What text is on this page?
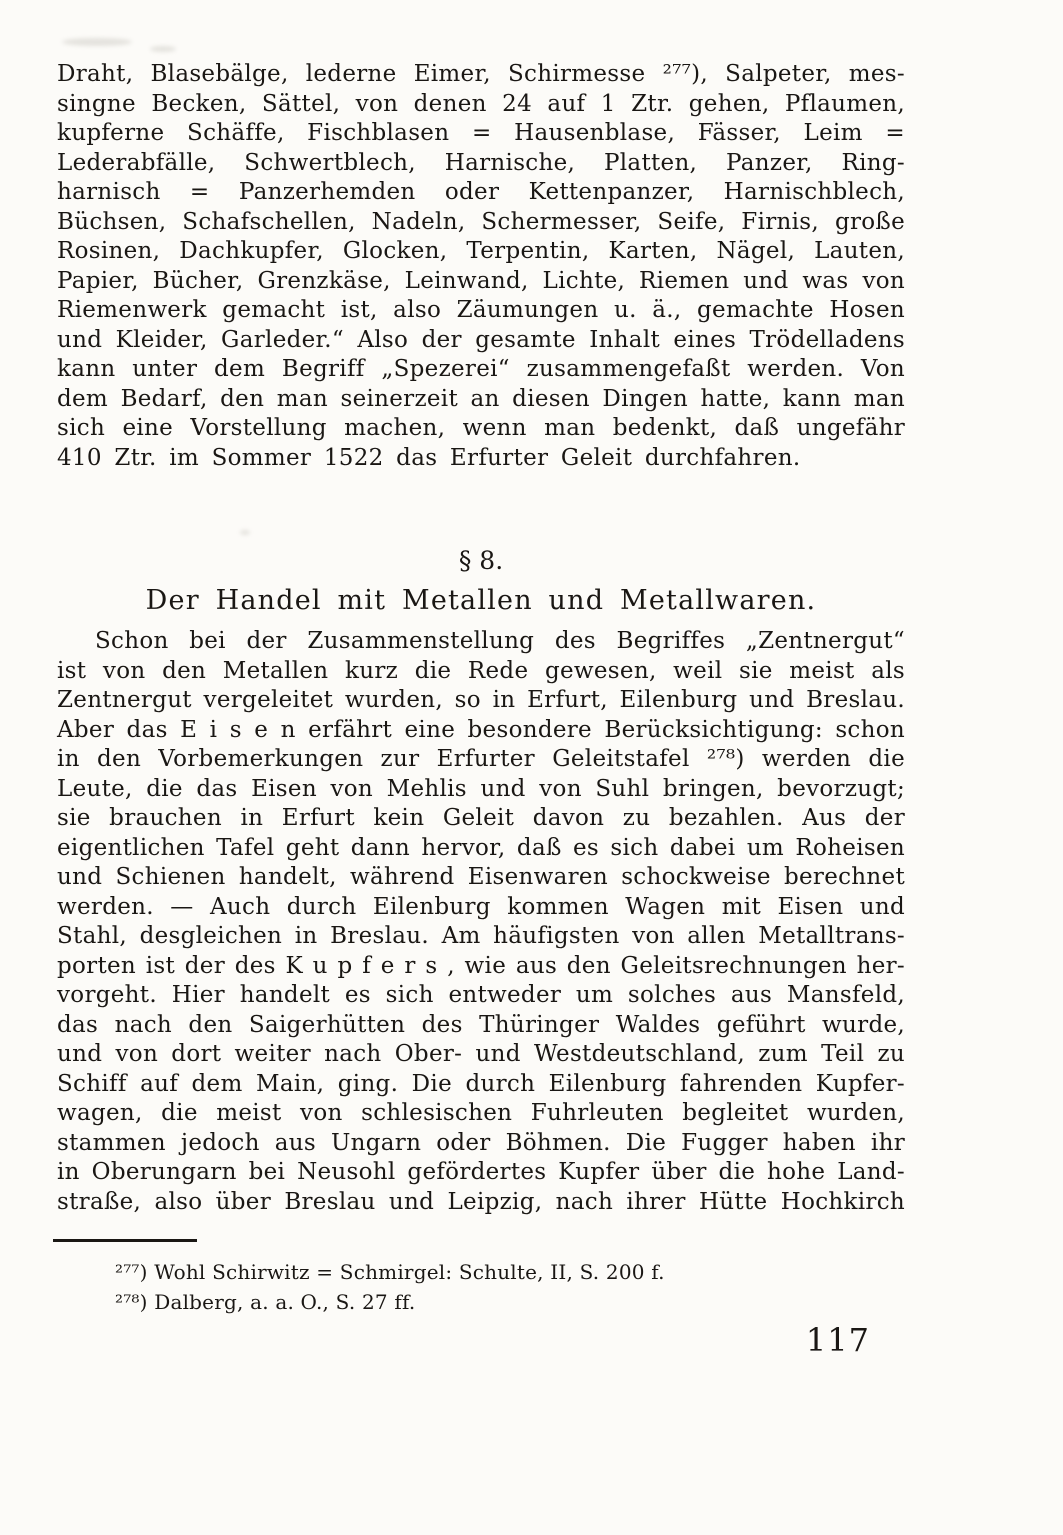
Draht, Blasebälge, lederne Eimer, Schirmesse ²⁷⁷), Salpeter, mes-
singne Becken, Sättel, von denen 24 auf 1 Ztr. gehen, Pflaumen,
kupferne Schäffe, Fischblasen = Hausenblase, Fässer, Leim =
Lederabfälle, Schwertblech, Harnische, Platten, Panzer, Ring-
harnisch = Panzerhemden oder Kettenpanzer, Harnischblech,
Büchsen, Schafschellen, Nadeln, Schermesser, Seife, Firnis, große
Rosinen, Dachkupfer, Glocken, Terpentin, Karten, Nägel, Lauten,
Papier, Bücher, Grenzkäse, Leinwand, Lichte, Riemen und was von
Riemenwerk gemacht ist, also Zäumungen u. ä., gemachte Hosen
und Kleider, Garleder.“ Also der gesamte Inhalt eines Trödelladens
kann unter dem Begriff „Spezerei“ zusammengefaßt werden. Von
dem Bedarf, den man seinerzeit an diesen Dingen hatte, kann man
sich eine Vorstellung machen, wenn man bedenkt, daß ungefähr
410 Ztr. im Sommer 1522 das Erfurter Geleit durchfahren.
§ 8.
Der Handel mit Metallen und Metallwaren.
Schon bei der Zusammenstellung des Begriffes „Zentnergut“
ist von den Metallen kurz die Rede gewesen, weil sie meist als
Zentnergut vergeleitet wurden, so in Erfurt, Eilenburg und Breslau.
Aber das E i s e n erfährt eine besondere Berücksichtigung: schon
in den Vorbemerkungen zur Erfurter Geleitstafel ²⁷⁸) werden die
Leute, die das Eisen von Mehlis und von Suhl bringen, bevorzugt;
sie brauchen in Erfurt kein Geleit davon zu bezahlen. Aus der
eigentlichen Tafel geht dann hervor, daß es sich dabei um Roheisen
und Schienen handelt, während Eisenwaren schockweise berechnet
werden. — Auch durch Eilenburg kommen Wagen mit Eisen und
Stahl, desgleichen in Breslau. Am häufigsten von allen Metalltrans-
porten ist der des K u p f e r s , wie aus den Geleitsrechnungen her-
vorgeht. Hier handelt es sich entweder um solches aus Mansfeld,
das nach den Saigerhütten des Thüringer Waldes geführt wurde,
und von dort weiter nach Ober- und Westdeutschland, zum Teil zu
Schiff auf dem Main, ging. Die durch Eilenburg fahrenden Kupfer-
wagen, die meist von schlesischen Fuhrleuten begleitet wurden,
stammen jedoch aus Ungarn oder Böhmen. Die Fugger haben ihr
in Oberungarn bei Neusohl gefördertes Kupfer über die hohe Land-
straße, also über Breslau und Leipzig, nach ihrer Hütte Hochkirch
²⁷⁷) Wohl Schirwitz = Schmirgel: Schulte, II, S. 200 f.
²⁷⁸) Dalberg, a. a. O., S. 27 ff.
117
